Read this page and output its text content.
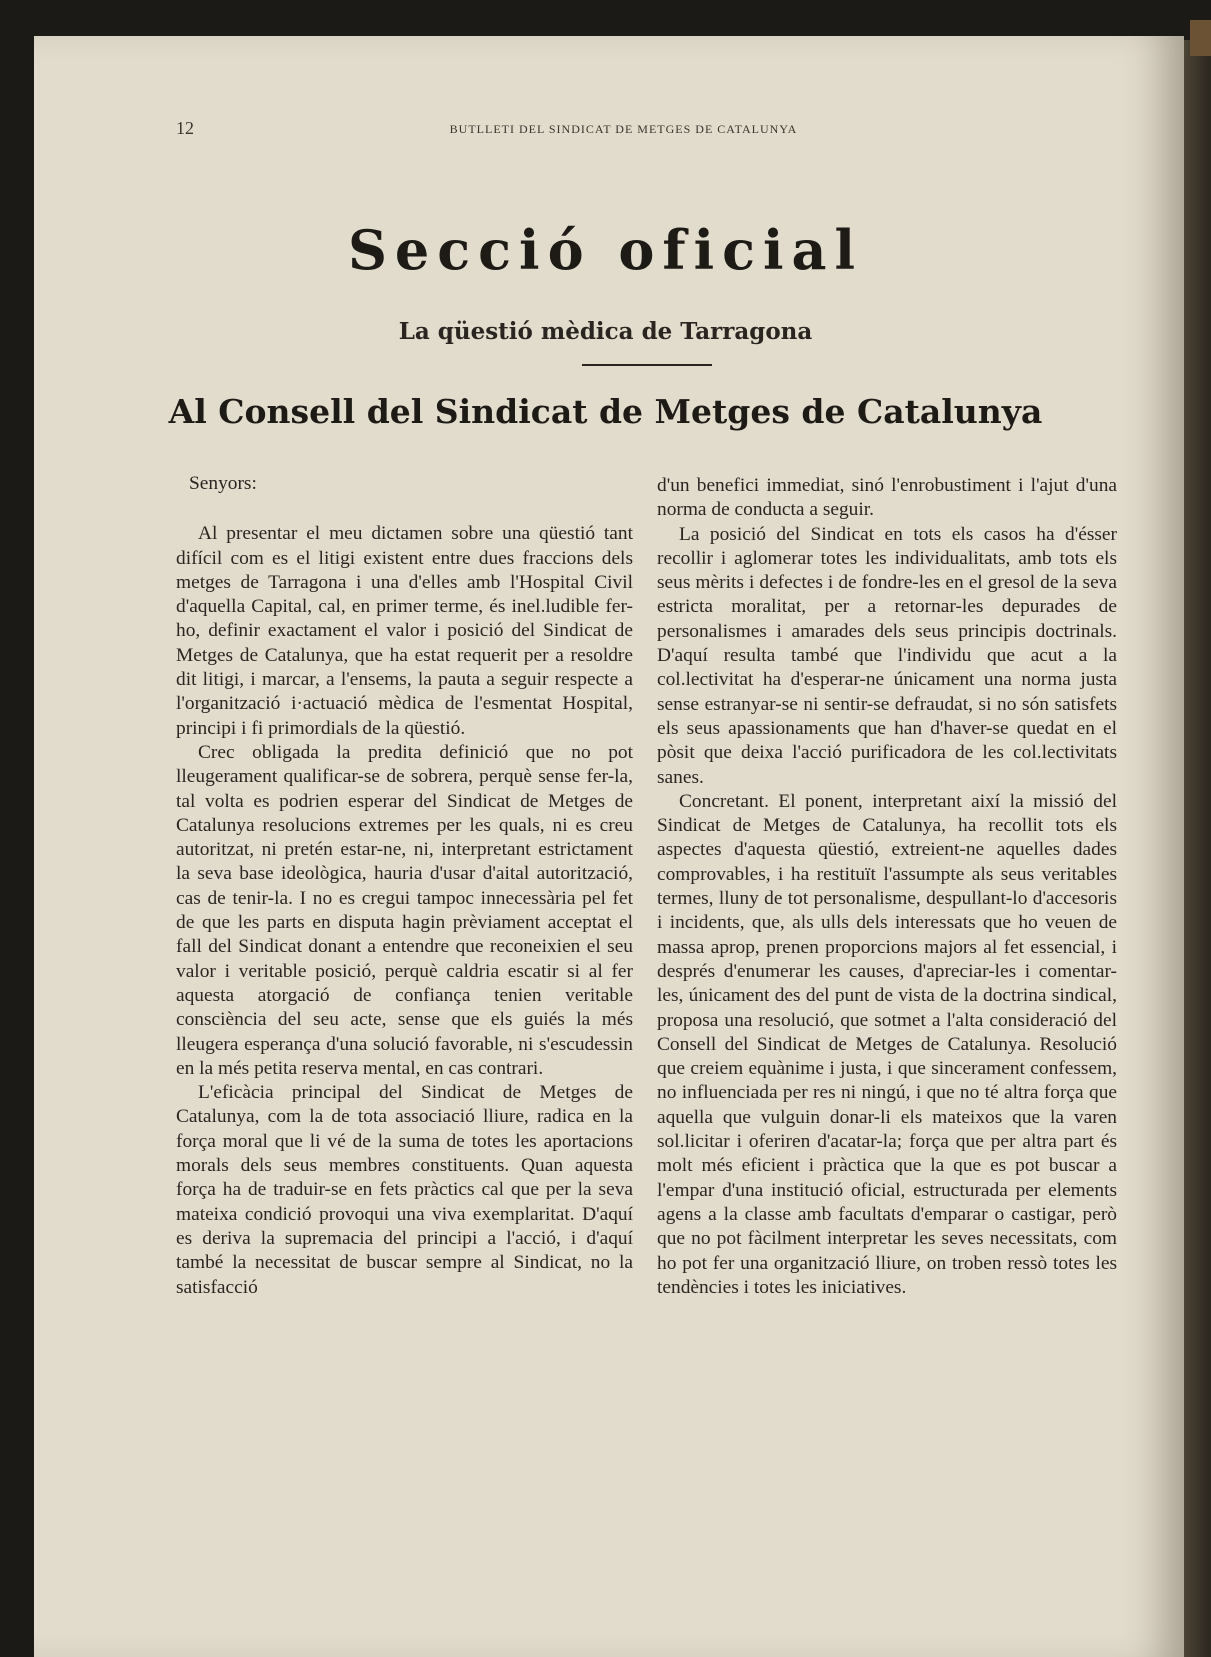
12	BUTLLETI DEL SINDICAT DE METGES DE CATALUNYA
Secció oficial
La qüestió mèdica de Tarragona
Al Consell del Sindicat de Metges de Catalunya

Senyors:

Al presentar el meu dictamen sobre una qüestió tant difícil com es el litigi existent entre dues fraccions dels metges de Tarragona i una d'elles amb l'Hospital Civil d'aquella Capital, cal, en primer terme, és inel.ludible fer-ho, definir exactament el valor i posició del Sindicat de Metges de Catalunya, que ha estat requerit per a resoldre dit litigi, i marcar, a l'ensems, la pauta a seguir respecte a l'organització i·actuació mèdica de l'esmentat Hospital, principi i fi primordials de la qüestió.

Crec obligada la predita definició que no pot lleugerament qualificar-se de sobrera, perquè sense fer-la, tal volta es podrien esperar del Sindicat de Metges de Catalunya resolucions extremes per les quals, ni es creu autoritzat, ni pretén estar-ne, ni, interpretant estrictament la seva base ideològica, hauria d'usar d'aital autorització, cas de tenir-la. I no es cregui tampoc innecessària pel fet de que les parts en disputa hagin prèviament acceptat el fall del Sindicat donant a entendre que reconeixien el seu valor i veritable posició, perquè caldria escatir si al fer aquesta atorgació de confiança tenien veritable consciència del seu acte, sense que els guiés la més lleugera esperança d'una solució favorable, ni s'escudessin en la més petita reserva mental, en cas contrari.

L'eficàcia principal del Sindicat de Metges de Catalunya, com la de tota associació lliure, radica en la força moral que li vé de la suma de totes les aportacions morals dels seus membres constituents. Quan aquesta força ha de traduir-se en fets pràctics cal que per la seva mateixa condició provoqui una viva exemplaritat. D'aquí es deriva la supremacia del principi a l'acció, i d'aquí també la necessitat de buscar sempre al Sindicat, no la satisfacció

d'un benefici immediat, sinó l'enrobustiment i l'ajut d'una norma de conducta a seguir.

La posició del Sindicat en tots els casos ha d'ésser recollir i aglomerar totes les individualitats, amb tots els seus mèrits i defectes i de fondre-les en el gresol de la seva estricta moralitat, per a retornar-les depurades de personalismes i amarades dels seus principis doctrinals. D'aquí resulta també que l'individu que acut a la col.lectivitat ha d'esperar-ne únicament una norma justa sense estranyar-se ni sentir-se defraudat, si no són satisfets els seus apassionaments que han d'haver-se quedat en el pòsit que deixa l'acció purificadora de les col.lectivitats sanes.

Concretant. El ponent, interpretant així la missió del Sindicat de Metges de Catalunya, ha recollit tots els aspectes d'aquesta qüestió, extreient-ne aquelles dades comprovables, i ha restituït l'assumpte als seus veritables termes, lluny de tot personalisme, despullant-lo d'accesoris i incidents, que, als ulls dels interessats que ho veuen de massa aprop, prenen proporcions majors al fet essencial, i després d'enumerar les causes, d'apreciar-les i comentar-les, únicament des del punt de vista de la doctrina sindical, proposa una resolució, que sotmet a l'alta consideració del Consell del Sindicat de Metges de Catalunya. Resolució que creiem equànime i justa, i que sincerament confessem, no influenciada per res ni ningú, i que no té altra força que aquella que vulguin donar-li els mateixos que la varen sol.licitar i oferiren d'acatar-la; força que per altra part és molt més eficient i pràctica que la que es pot buscar a l'empar d'una institució oficial, estructurada per elements agens a la classe amb facultats d'emparar o castigar, però que no pot fàcilment interpretar les seves necessitats, com ho pot fer una organització lliure, on troben ressò totes les tendències i totes les iniciatives.
